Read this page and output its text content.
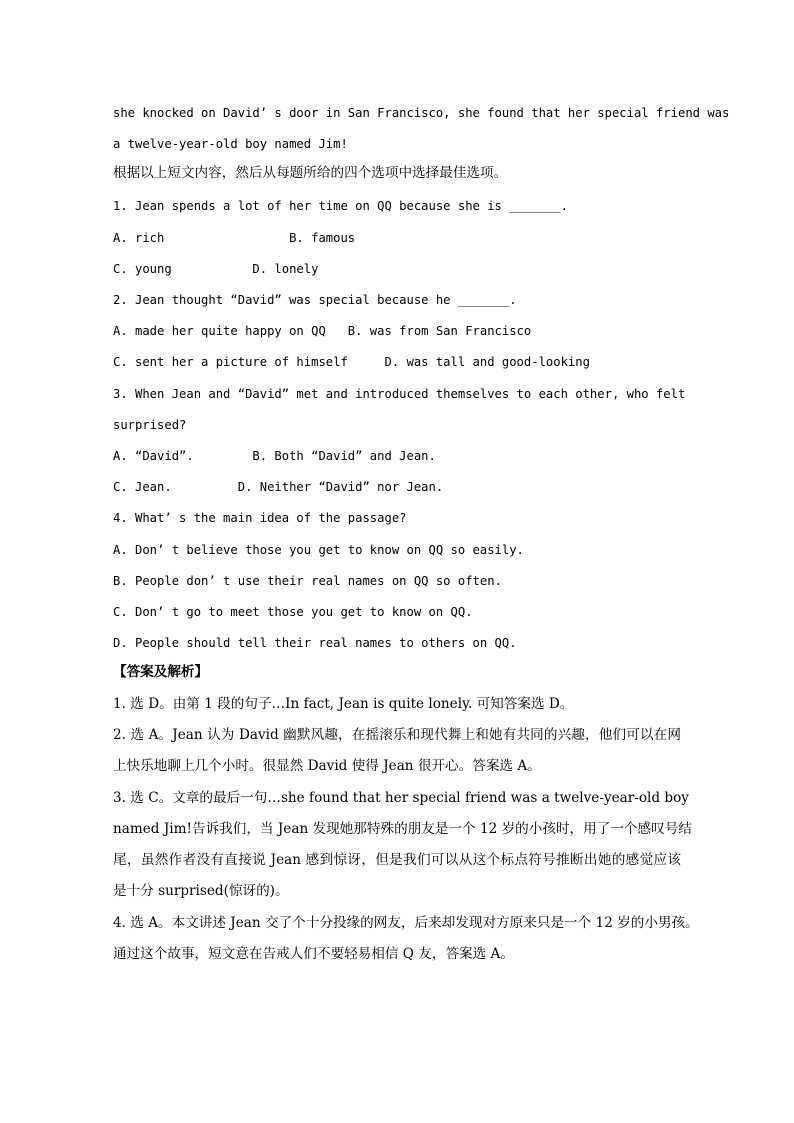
she knocked on David’ s door in San Francisco, she found that her special friend was
a twelve-year-old boy named Jim!
根据以上短文内容，然后从每题所给的四个选项中选择最佳选项。
1. Jean spends a lot of her time on QQ because she is _______.
A. rich                 B. famous
C. young           D. lonely
2. Jean thought “David” was special because he _______.
A. made her quite happy on QQ   B. was from San Francisco
C. sent her a picture of himself     D. was tall and good-looking
3. When Jean and “David” met and introduced themselves to each other, who felt
surprised?
A. “David”.        B. Both “David” and Jean.
C. Jean.         D. Neither “David” nor Jean.
4. What’ s the main idea of the passage?
A. Don’ t believe those you get to know on QQ so easily.
B. People don’ t use their real names on QQ so often.
C. Don’ t go to meet those you get to know on QQ.
D. People should tell their real names to others on QQ.
【答案及解析】
1. 选 D。由第 1 段的句子…In fact, Jean is quite lonely. 可知答案选 D。
2. 选 A。Jean 认为 David 幽默风趣，在摇滚乐和现代舞上和她有共同的兴趣，他们可以在网
上快乐地聊上几个小时。很显然 David 使得 Jean 很开心。答案选 A。
3. 选 C。文章的最后一句…she found that her special friend was a twelve-year-old boy
named Jim!告诉我们，当 Jean 发现她那特殊的朋友是一个 12 岁的小孩时，用了一个感叹号结
尾，虽然作者没有直接说 Jean 感到惊讶，但是我们可以从这个标点符号推断出她的感觉应该
是十分 surprised(惊讶的)。
4. 选 A。本文讲述 Jean 交了个十分投缘的网友，后来却发现对方原来只是一个 12 岁的小男孩。
通过这个故事，短文意在告戒人们不要轻易相信 Q 友，答案选 A。
